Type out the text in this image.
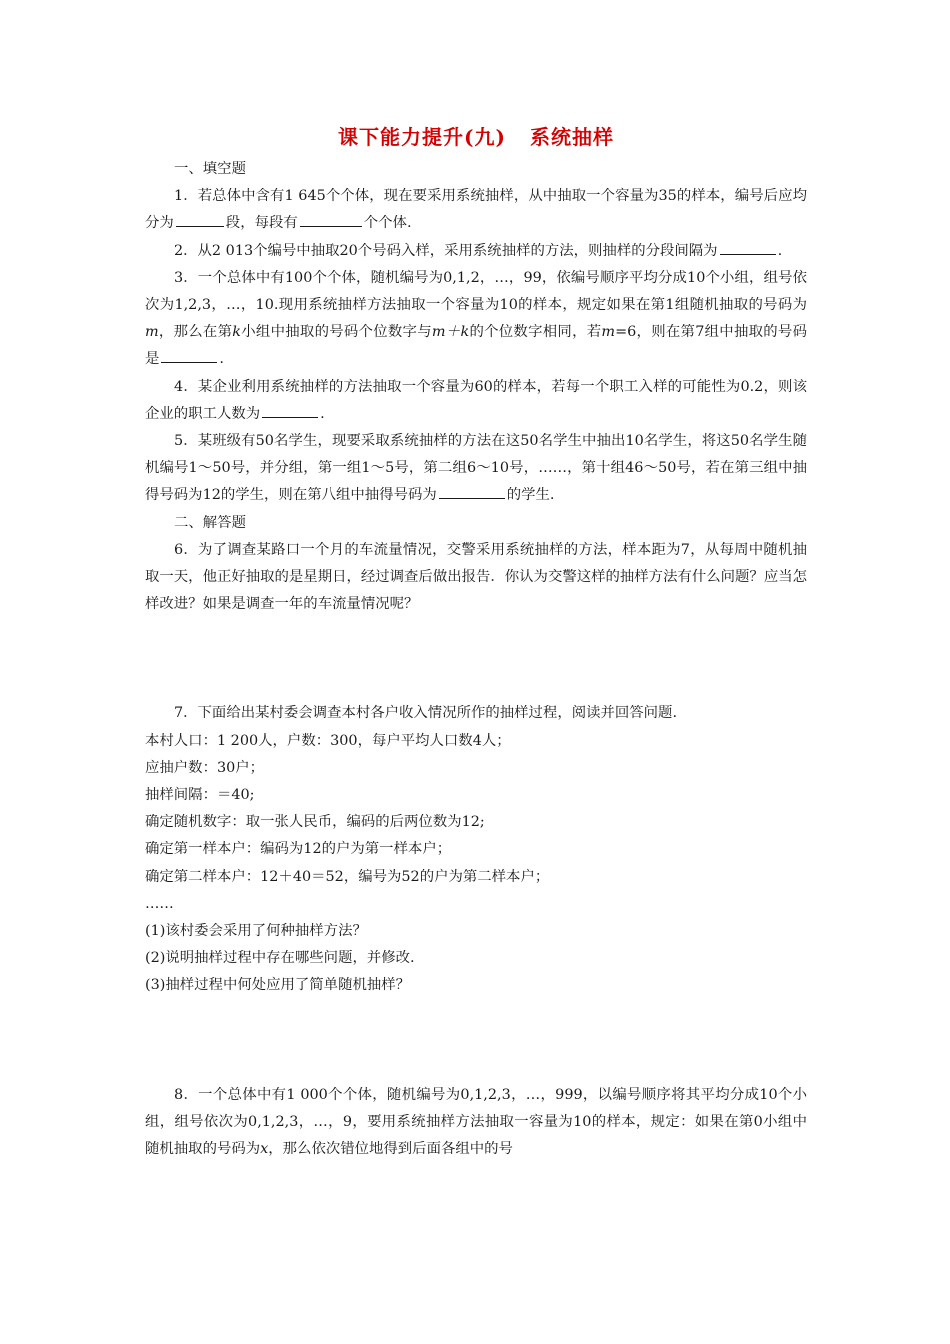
课下能力提升(九) 系统抽样

一、填空题

1．若总体中含有1 645个个体，现在要采用系统抽样，从中抽取一个容量为35的样本，编号后应均分为	段，每段有	个个体.

2．从2 013个编号中抽取20个号码入样，采用系统抽样的方法，则抽样的分段间隔为	.

3．一个总体中有100个个体，随机编号为0,1,2，…，99，依编号顺序平均分成10个小组，组号依次为1,2,3，…，10.现用系统抽样方法抽取一个容量为10的样本，规定如果在第1组随机抽取的号码为m，那么在第k小组中抽取的号码个位数字与m＋k的个位数字相同，若m=6，则在第7组中抽取的号码是	.

4．某企业利用系统抽样的方法抽取一个容量为60的样本，若每一个职工入样的可能性为0.2，则该企业的职工人数为	.

5．某班级有50名学生，现要采取系统抽样的方法在这50名学生中抽出10名学生，将这50名学生随机编号1～50号，并分组，第一组1～5号，第二组6～10号，……，第十组46～50号，若在第三组中抽得号码为12的学生，则在第八组中抽得号码为	的学生.

二、解答题

6．为了调查某路口一个月的车流量情况，交警采用系统抽样的方法，样本距为7，从每周中随机抽取一天，他正好抽取的是星期日，经过调查后做出报告．你认为交警这样的抽样方法有什么问题？应当怎样改进？如果是调查一年的车流量情况呢？

7．下面给出某村委会调查本村各户收入情况所作的抽样过程，阅读并回答问题.

本村人口：1 200人，户数：300，每户平均人口数4人；

应抽户数：30户；

抽样间隔：＝40;

确定随机数字：取一张人民币，编码的后两位数为12;

确定第一样本户：编码为12的户为第一样本户；

确定第二样本户：12＋40＝52，编号为52的户为第二样本户；

……

(1)该村委会采用了何种抽样方法？

(2)说明抽样过程中存在哪些问题，并修改.

(3)抽样过程中何处应用了简单随机抽样？

8．一个总体中有1 000个个体，随机编号为0,1,2,3，…，999，以编号顺序将其平均分成10个小组，组号依次为0,1,2,3，…，9，要用系统抽样方法抽取一容量为10的样本，规定：如果在第0小组中随机抽取的号码为x，那么依次错位地得到后面各组中的号
